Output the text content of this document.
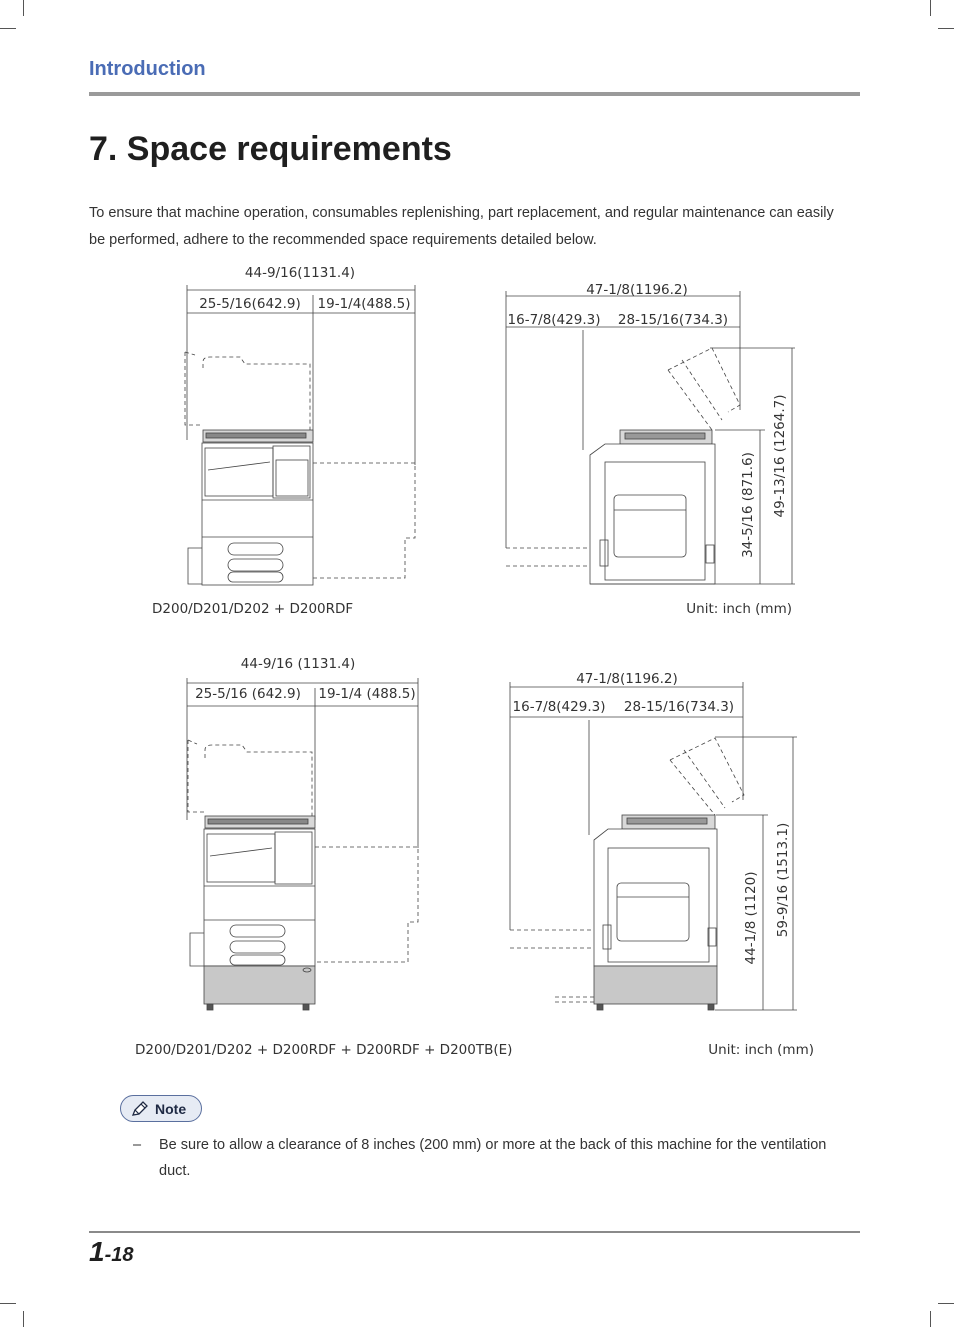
Introduction
7. Space requirements
To ensure that machine operation, consumables replenishing, part replacement, and regular maintenance can easily be performed, adhere to the recommended space requirements detailed below.
44-9/16(1131.4)
25-5/16(642.9) 19-1/4(488.5)
47-1/8(1196.2)
16-7/8(429.3) 28-15/16(734.3)
34-5/16 (871.6) 49-13/16 (1264.7)
D200/D201/D202 + D200RDF	Unit: inch (mm)
44-9/16 (1131.4)
25-5/16 (642.9) 19-1/4 (488.5)
47-1/8(1196.2)
16-7/8(429.3) 28-15/16(734.3)
44-1/8 (1120) 59-9/16 (1513.1)
D200/D201/D202 + D200RDF + D200RDF + D200TB(E)	Unit: inch (mm)
Note
–	Be sure to allow a clearance of 8 inches (200 mm) or more at the back of this machine for the ventilation duct.
1-18
